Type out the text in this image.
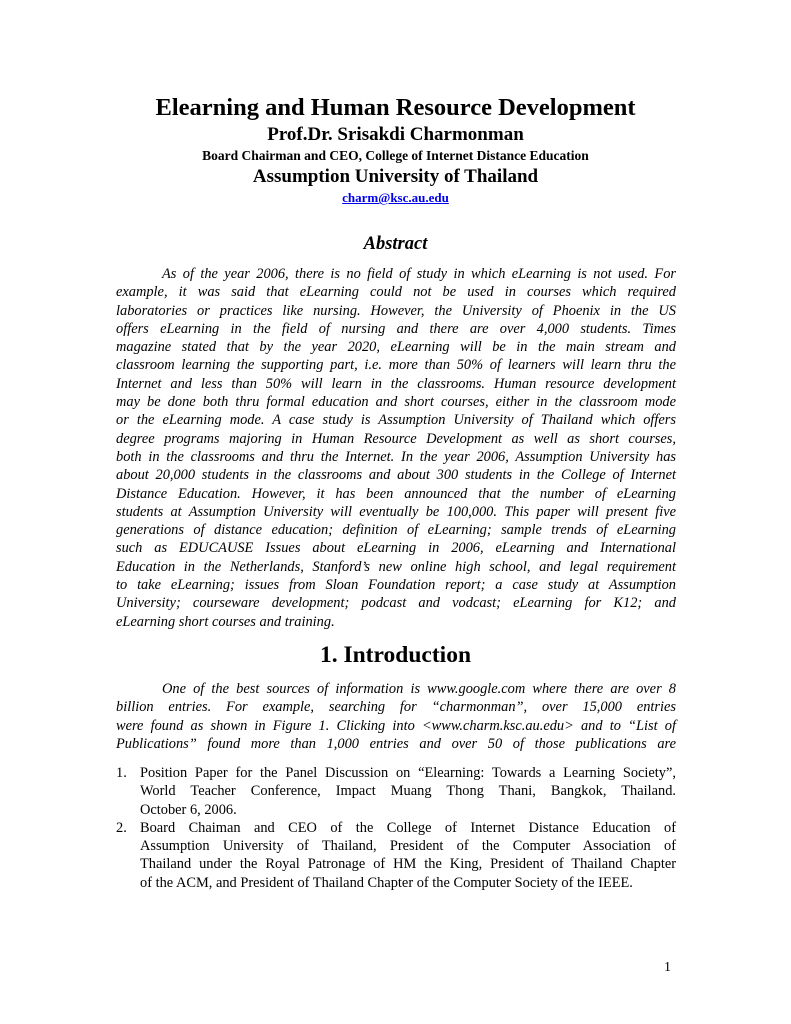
Elearning and Human Resource Development
Prof.Dr. Srisakdi Charmonman
Board Chairman and CEO, College of Internet Distance Education
Assumption University of Thailand
charm@ksc.au.edu
Abstract
As of the year 2006, there is no field of study in which eLearning is not used. For
example, it was said that eLearning could not be used in courses which required
laboratories or practices like nursing. However, the University of Phoenix in the US
offers eLearning in the field of nursing and there are over 4,000 students. Times
magazine stated that by the year 2020, eLearning will be in the main stream and
classroom learning the supporting part, i.e. more than 50% of learners will learn thru the
Internet and less than 50% will learn in the classrooms. Human resource development
may be done both thru formal education and short courses, either in the classroom mode
or the eLearning mode. A case study is Assumption University of Thailand which offers
degree programs majoring in Human Resource Development as well as short courses,
both in the classrooms and thru the Internet. In the year 2006, Assumption University has
about 20,000 students in the classrooms and about 300 students in the College of Internet
Distance Education. However, it has been announced that the number of eLearning
students at Assumption University will eventually be 100,000. This paper will present five
generations of distance education; definition of eLearning; sample trends of eLearning
such as EDUCAUSE Issues about eLearning in 2006, eLearning and International
Education in the Netherlands, Stanford’s new online high school, and legal requirement
to take eLearning; issues from Sloan Foundation report; a case study at Assumption
University; courseware development; podcast and vodcast; eLearning for K12; and
eLearning short courses and training.
1. Introduction
One of the best sources of information is www.google.com where there are over 8
billion entries. For example, searching for “charmonman”, over 15,000 entries
were found as shown in Figure 1. Clicking into <www.charm.ksc.au.edu> and to “List of
Publications” found more than 1,000 entries and over 50 of those publications are
1. Position Paper for the Panel Discussion on “Elearning: Towards a Learning Society”,
World Teacher Conference, Impact Muang Thong Thani, Bangkok, Thailand.
October 6, 2006.
2. Board Chaiman and CEO of the College of Internet Distance Education of
Assumption University of Thailand, President of the Computer Association of
Thailand under the Royal Patronage of HM the King, President of Thailand Chapter
of the ACM, and President of Thailand Chapter of the Computer Society of the IEEE.
1
